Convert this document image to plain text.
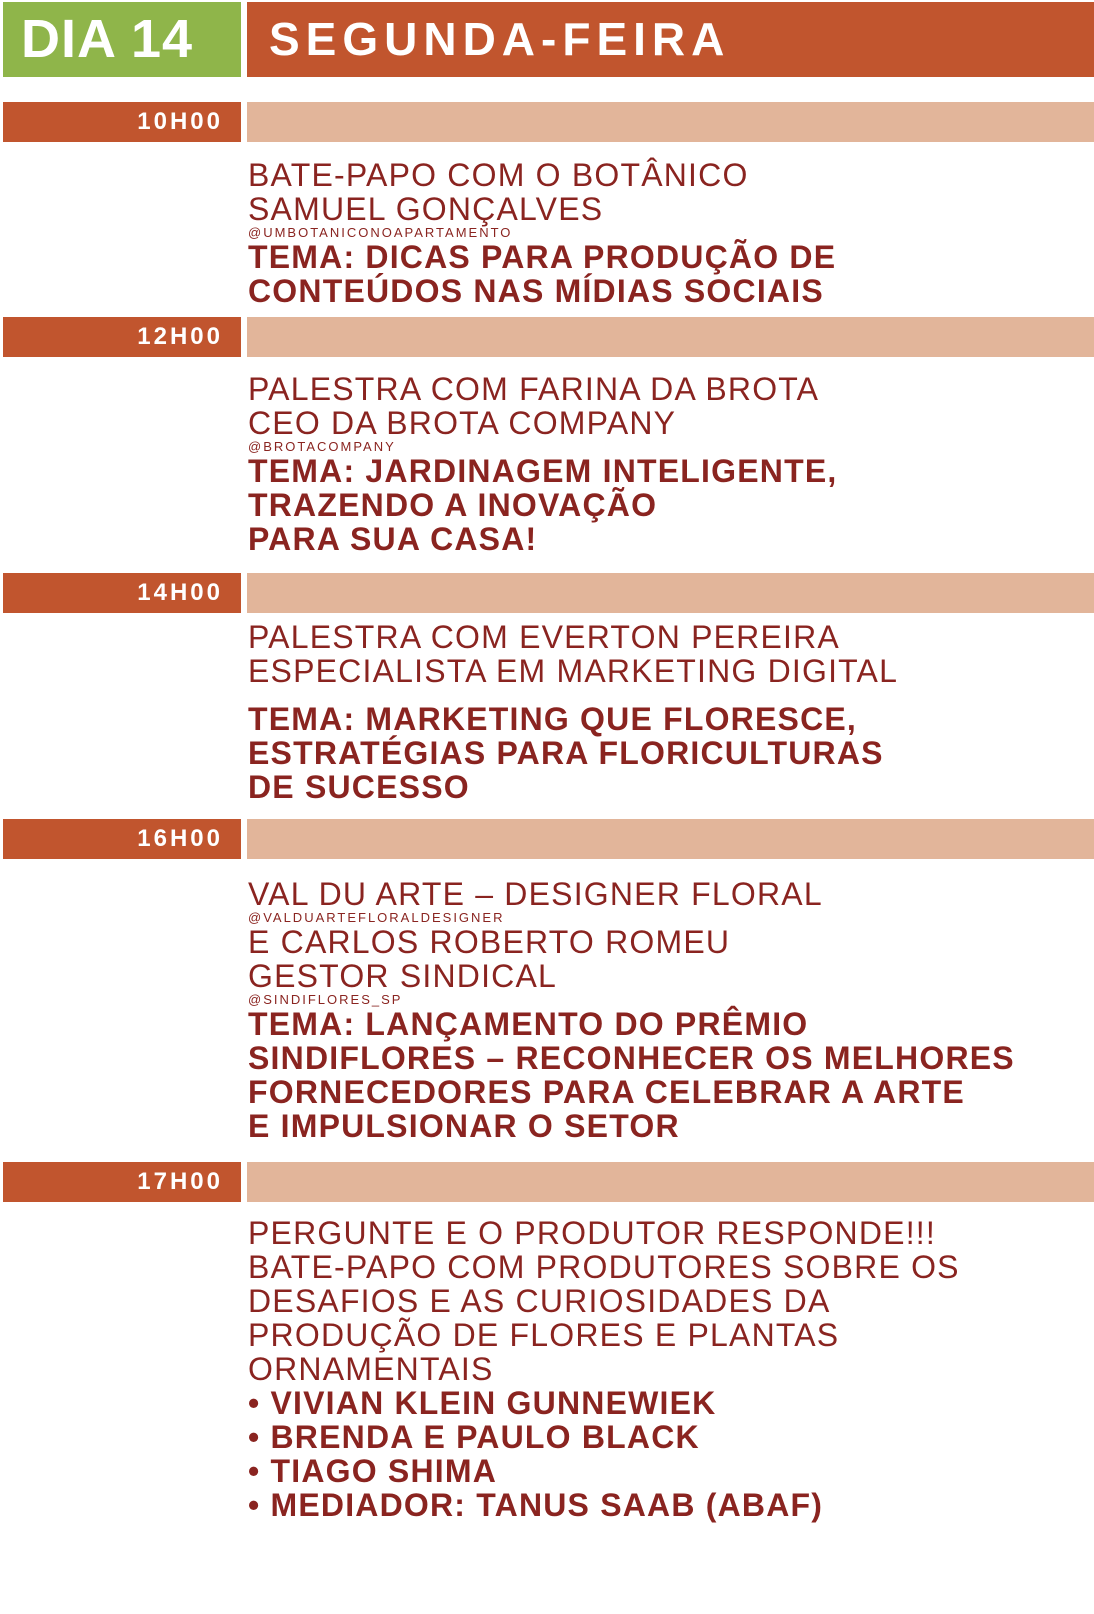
DIA 14 SEGUNDA-FEIRA
10H00
BATE-PAPO COM O BOTÂNICO
SAMUEL GONÇALVES
@UMBOTANICONOAPARTAMENTO
TEMA: DICAS PARA PRODUÇÃO DE
CONTEÚDOS NAS MÍDIAS SOCIAIS
12H00
PALESTRA COM FARINA DA BROTA
CEO DA BROTA COMPANY
@BROTACOMPANY
TEMA: JARDINAGEM INTELIGENTE,
TRAZENDO A INOVAÇÃO
PARA SUA CASA!
14H00
PALESTRA COM EVERTON PEREIRA
ESPECIALISTA EM MARKETING DIGITAL
TEMA: MARKETING QUE FLORESCE,
ESTRATÉGIAS PARA FLORICULTURAS
DE SUCESSO
16H00
VAL DU ARTE – DESIGNER FLORAL
@VALDUARTEFLORALDESIGNER
E CARLOS ROBERTO ROMEU
GESTOR SINDICAL
@SINDIFLORES_SP
TEMA: LANÇAMENTO DO PRÊMIO
SINDIFLORES – RECONHECER OS MELHORES
FORNECEDORES PARA CELEBRAR A ARTE
E IMPULSIONAR O SETOR
17H00
PERGUNTE E O PRODUTOR RESPONDE!!!
BATE-PAPO COM PRODUTORES SOBRE OS
DESAFIOS E AS CURIOSIDADES DA
PRODUÇÃO DE FLORES E PLANTAS
ORNAMENTAIS
• VIVIAN KLEIN GUNNEWIEK
• BRENDA E PAULO BLACK
• TIAGO SHIMA
• MEDIADOR: TANUS SAAB (ABAF)
